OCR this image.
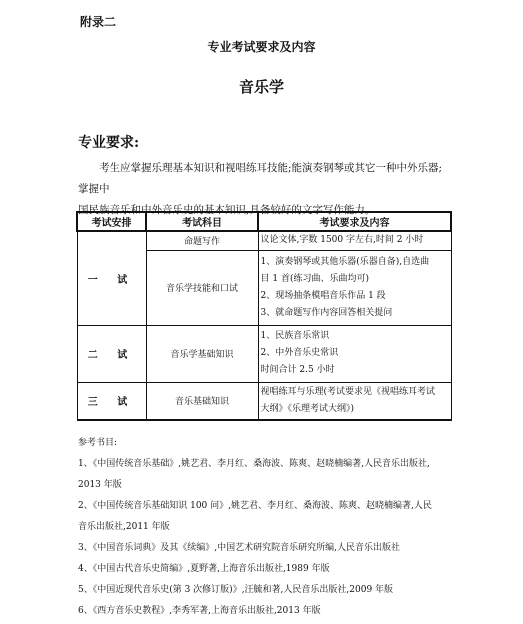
附录二
专业考试要求及内容
音乐学
专业要求:
考生应掌握乐理基本知识和视唱练耳技能;能演奏钢琴或其它一种中外乐器;掌握中
国民族音乐和中外音乐史的基本知识,具备较好的文字写作能力。
考试安排	考试科目	考试要求及内容
一 试	命题写作	议论文体,字数 1500 字左右,时间 2 小时
	音乐学技能和口试	1、演奏钢琴或其他乐器(乐器自备),自选曲
目 1 首(练习曲、乐曲均可)
2、现场抽条模唱音乐作品 1 段
3、就命题写作内容回答相关提问

二 试	音乐学基础知识	1、民族音乐常识
2、中外音乐史常识
时间合计 2.5 小时

三 试	音乐基础知识	视唱练耳与乐理(考试要求见《视唱练耳考试
大纲》《乐理考试大纲》)
参考书目:
1、《中国传统音乐基础》,姚艺君、李月红、桑海波、陈爽、赵晓楠编著,人民音乐出版社,
2013 年版
2、《中国传统音乐基础知识 100 问》,姚艺君、李月红、桑海波、陈爽、赵晓楠编著,人民
音乐出版社,2011 年版
3、《中国音乐词典》及其《续编》,中国艺术研究院音乐研究所编,人民音乐出版社
4、《中国古代音乐史简编》,夏野著,上海音乐出版社,1989 年版
5、《中国近现代音乐史(第 3 次修订版)》,汪毓和著,人民音乐出版社,2009 年版
6、《西方音乐史教程》,李秀军著,上海音乐出版社,2013 年版
